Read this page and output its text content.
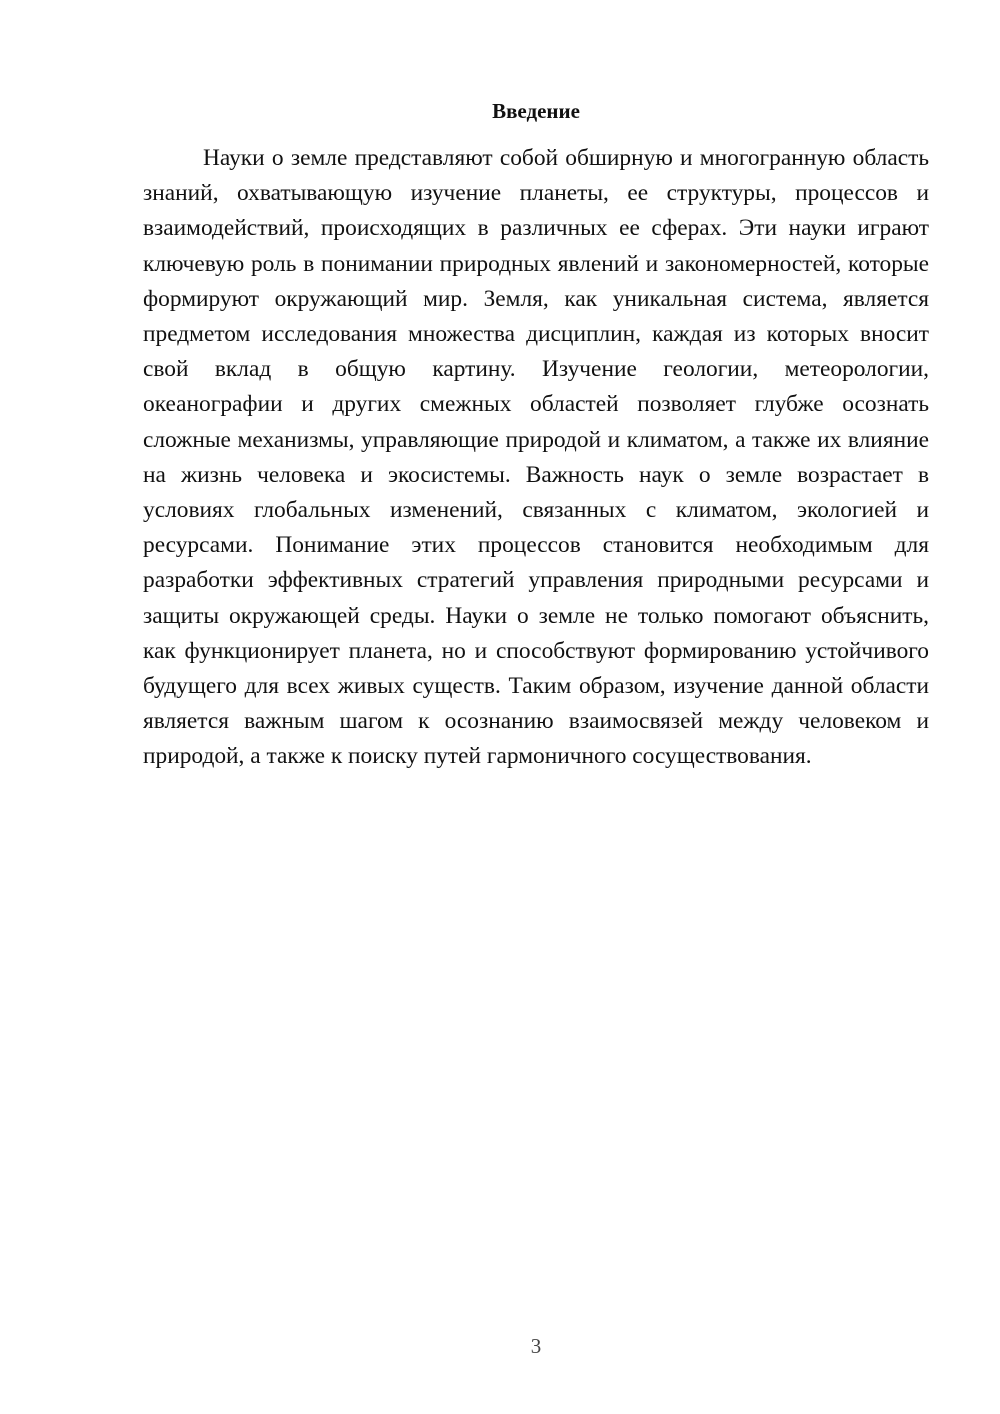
Введение

Науки о земле представляют собой обширную и многогранную область знаний, охватывающую изучение планеты, ее структуры, процессов и взаимодействий, происходящих в различных ее сферах. Эти науки играют ключевую роль в понимании природных явлений и закономерностей, которые формируют окружающий мир. Земля, как уникальная система, является предметом исследования множества дисциплин, каждая из которых вносит свой вклад в общую картину. Изучение геологии, метеорологии, океанографии и других смежных областей позволяет глубже осознать сложные механизмы, управляющие природой и климатом, а также их влияние на жизнь человека и экосистемы. Важность наук о земле возрастает в условиях глобальных изменений, связанных с климатом, экологией и ресурсами. Понимание этих процессов становится необходимым для разработки эффективных стратегий управления природными ресурсами и защиты окружающей среды. Науки о земле не только помогают объяснить, как функционирует планета, но и способствуют формированию устойчивого будущего для всех живых существ. Таким образом, изучение данной области является важным шагом к осознанию взаимосвязей между человеком и природой, а также к поиску путей гармоничного сосуществования.

3
